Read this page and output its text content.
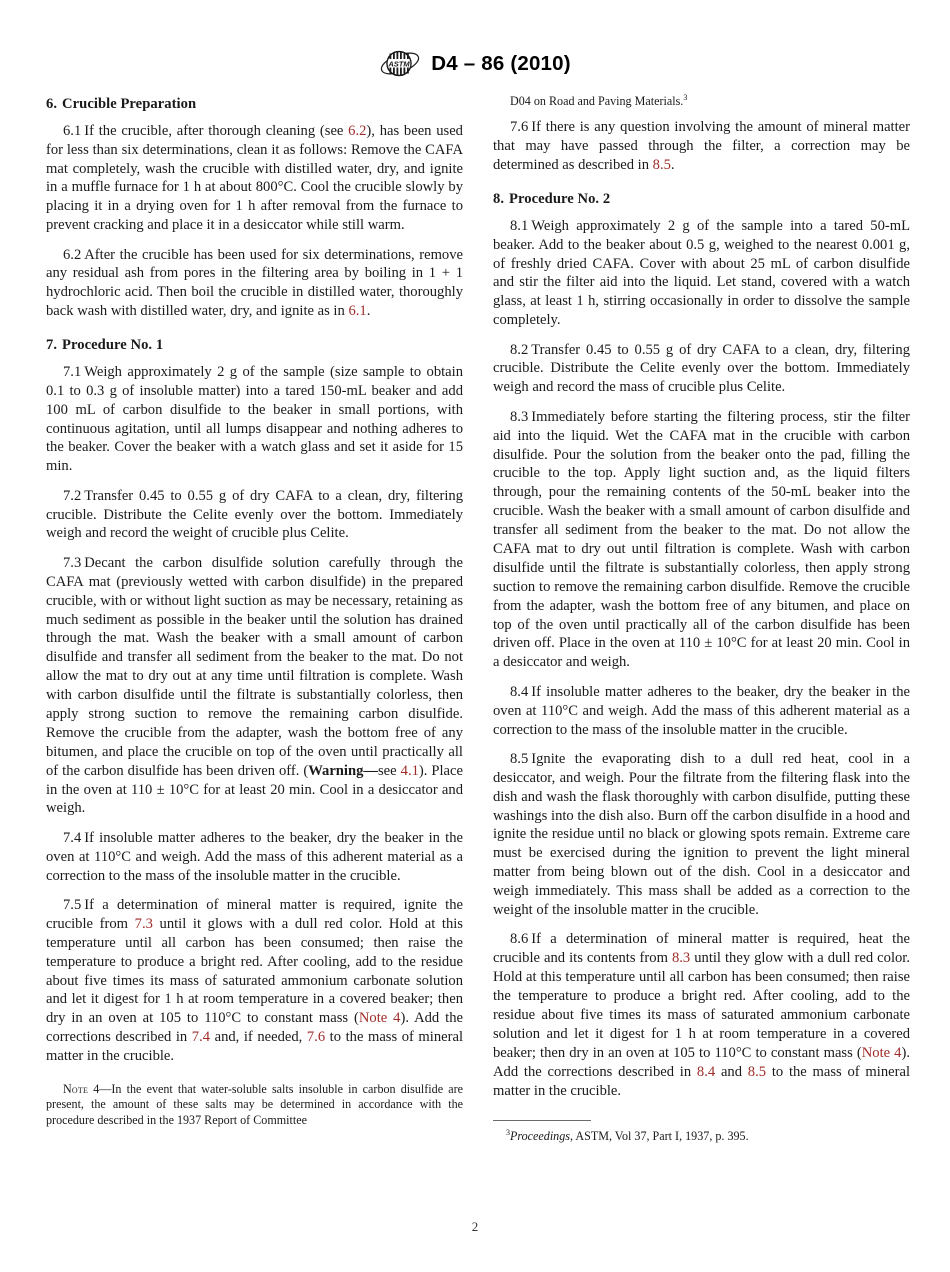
ASTM D4 – 86 (2010)
6. Crucible Preparation

6.1 If the crucible, after thorough cleaning (see 6.2), has been used for less than six determinations, clean it as follows: Remove the CAFA mat completely, wash the crucible with distilled water, dry, and ignite in a muffle furnace for 1 h at about 800°C. Cool the crucible slowly by placing it in a drying oven for 1 h after removal from the furnace to prevent cracking and place it in a desiccator while still warm.

6.2 After the crucible has been used for six determinations, remove any residual ash from pores in the filtering area by boiling in 1 + 1 hydrochloric acid. Then boil the crucible in distilled water, thoroughly back wash with distilled water, dry, and ignite as in 6.1.

7. Procedure No. 1

7.1 Weigh approximately 2 g of the sample (size sample to obtain 0.1 to 0.3 g of insoluble matter) into a tared 150-mL beaker and add 100 mL of carbon disulfide to the beaker in small portions, with continuous agitation, until all lumps disappear and nothing adheres to the beaker. Cover the beaker with a watch glass and set it aside for 15 min.

7.2 Transfer 0.45 to 0.55 g of dry CAFA to a clean, dry, filtering crucible. Distribute the Celite evenly over the bottom. Immediately weigh and record the weight of crucible plus Celite.

7.3 Decant the carbon disulfide solution carefully through the CAFA mat (previously wetted with carbon disulfide) in the prepared crucible, with or without light suction as may be necessary, retaining as much sediment as possible in the beaker until the solution has drained through the mat. Wash the beaker with a small amount of carbon disulfide and transfer all sediment from the beaker to the mat. Do not allow the mat to dry out at any time until filtration is complete. Wash with carbon disulfide until the filtrate is substantially colorless, then apply strong suction to remove the remaining carbon disulfide. Remove the crucible from the adapter, wash the bottom free of any bitumen, and place the crucible on top of the oven until practically all of the carbon disulfide has been driven off. (Warning—see 4.1). Place in the oven at 110 ± 10°C for at least 20 min. Cool in a desiccator and weigh.

7.4 If insoluble matter adheres to the beaker, dry the beaker in the oven at 110°C and weigh. Add the mass of this adherent material as a correction to the mass of the insoluble matter in the crucible.

7.5 If a determination of mineral matter is required, ignite the crucible from 7.3 until it glows with a dull red color. Hold at this temperature until all carbon has been consumed; then raise the temperature to produce a bright red. After cooling, add to the residue about five times its mass of saturated ammonium carbonate solution and let it digest for 1 h at room temperature in a covered beaker; then dry in an oven at 105 to 110°C to constant mass (Note 4). Add the corrections described in 7.4 and, if needed, 7.6 to the mass of mineral matter in the crucible.

Note 4—In the event that water-soluble salts insoluble in carbon disulfide are present, the amount of these salts may be determined in accordance with the procedure described in the 1937 Report of Committee

D04 on Road and Paving Materials.$^3$

7.6 If there is any question involving the amount of mineral matter that may have passed through the filter, a correction may be determined as described in 8.5.

8. Procedure No. 2

8.1 Weigh approximately 2 g of the sample into a tared 50-mL beaker. Add to the beaker about 0.5 g, weighed to the nearest 0.001 g, of freshly dried CAFA. Cover with about 25 mL of carbon disulfide and stir the filter aid into the liquid. Let stand, covered with a watch glass, at least 1 h, stirring occasionally in order to dissolve the sample completely.

8.2 Transfer 0.45 to 0.55 g of dry CAFA to a clean, dry, filtering crucible. Distribute the Celite evenly over the bottom. Immediately weigh and record the mass of crucible plus Celite.

8.3 Immediately before starting the filtering process, stir the filter aid into the liquid. Wet the CAFA mat in the crucible with carbon disulfide. Pour the solution from the beaker onto the pad, filling the crucible to the top. Apply light suction and, as the liquid filters through, pour the remaining contents of the 50-mL beaker into the crucible. Wash the beaker with a small amount of carbon disulfide and transfer all sediment from the beaker to the mat. Do not allow the CAFA mat to dry out until filtration is complete. Wash with carbon disulfide until the filtrate is substantially colorless, then apply strong suction to remove the remaining carbon disulfide. Remove the crucible from the adapter, wash the bottom free of any bitumen, and place on top of the oven until practically all of the carbon disulfide has been driven off. Place in the oven at 110 ± 10°C for at least 20 min. Cool in a desiccator and weigh.

8.4 If insoluble matter adheres to the beaker, dry the beaker in the oven at 110°C and weigh. Add the mass of this adherent material as a correction to the mass of the insoluble matter in the crucible.

8.5 Ignite the evaporating dish to a dull red heat, cool in a desiccator, and weigh. Pour the filtrate from the filtering flask into the dish and wash the flask thoroughly with carbon disulfide, putting these washings into the dish also. Burn off the carbon disulfide in a hood and ignite the residue until no black or glowing spots remain. Extreme care must be exercised during the ignition to prevent the light mineral matter from being blown out of the dish. Cool in a desiccator and weigh immediately. This mass shall be added as a correction to the weight of the insoluble matter in the crucible.

8.6 If a determination of mineral matter is required, heat the crucible and its contents from 8.3 until they glow with a dull red color. Hold at this temperature until all carbon has been consumed; then raise the temperature to produce a bright red. After cooling, add to the residue about five times its mass of saturated ammonium carbonate solution and let it digest for 1 h at room temperature in a covered beaker; then dry in an oven at 105 to 110°C to constant mass (Note 4). Add the corrections described in 8.4 and 8.5 to the mass of mineral matter in the crucible.

$^3$Proceedings, ASTM, Vol 37, Part I, 1937, p. 395.

2
